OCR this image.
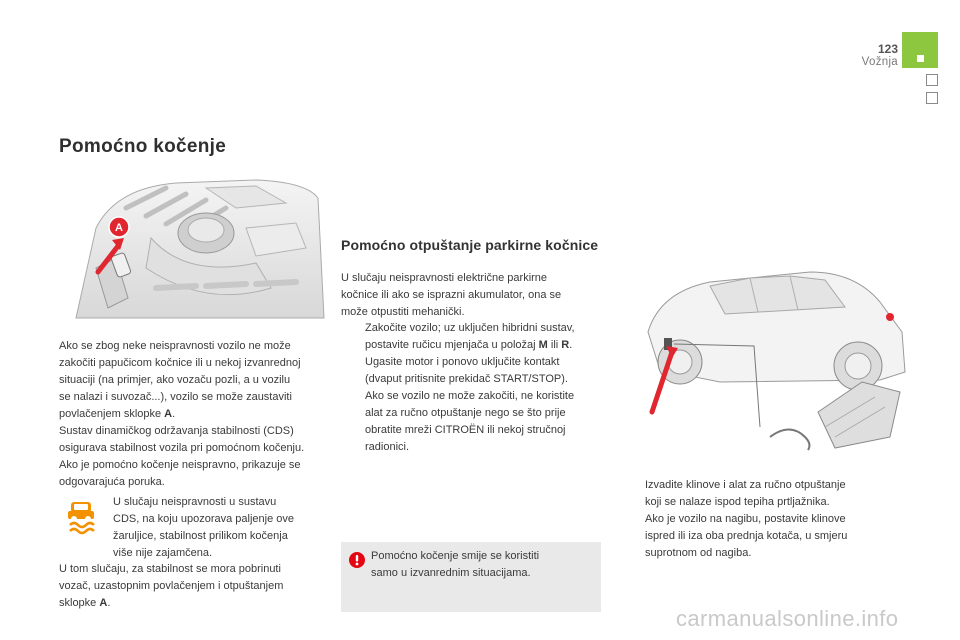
123
Vožnja
Pomoćno kočenje
A
Ako se zbog neke neispravnosti vozilo ne može
zakočiti papučicom kočnice ili u nekoj izvanrednoj
situaciji (na primjer, ako vozaču pozli, a u vozilu
se nalazi i suvozač...), vozilo se može zaustaviti
povlačenjem sklopke A.
Sustav dinamičkog održavanja stabilnosti (CDS)
osigurava stabilnost vozila pri pomoćnom kočenju.
Ako je pomoćno kočenje neispravno, prikazuje se
odgovarajuća poruka.
U slučaju neispravnosti u sustavu
CDS, na koju upozorava paljenje ove
žaruljice, stabilnost prilikom kočenja
više nije zajamčena.
U tom slučaju, za stabilnost se mora pobrinuti
vozač, uzastopnim povlačenjem i otpuštanjem
sklopke A.
Pomoćno otpuštanje parkirne kočnice
U slučaju neispravnosti električne parkirne
kočnice ili ako se isprazni akumulator, ona se
može otpustiti mehanički.
Zakočite vozilo; uz uključen hibridni sustav,
postavite ručicu mjenjača u položaj M ili R.
Ugasite motor i ponovo uključite kontakt
(dvaput pritisnite prekidač START/STOP).
Ako se vozilo ne može zakočiti, ne koristite
alat za ručno otpuštanje nego se što prije
obratite mreži CITROËN ili nekoj stručnoj
radionici.
Pomoćno kočenje smije se koristiti
samo u izvanrednim situacijama.
Izvadite klinove i alat za ručno otpuštanje
koji se nalaze ispod tepiha prtljažnika.
Ako je vozilo na nagibu, postavite klinove
ispred ili iza oba prednja kotača, u smjeru
suprotnom od nagiba.
carmanualsonline.info
